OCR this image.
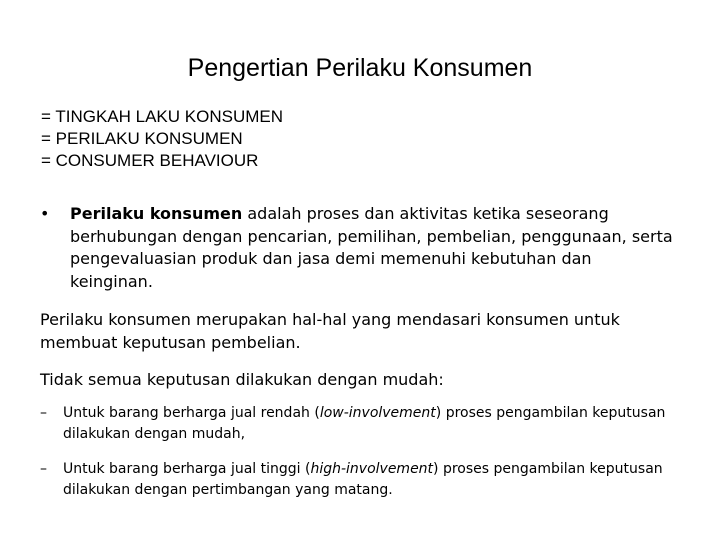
Pengertian Perilaku Konsumen
= TINGKAH LAKU KONSUMEN
= PERILAKU KONSUMEN
= CONSUMER BEHAVIOUR
• Perilaku konsumen adalah proses dan aktivitas ketika seseorang berhubungan dengan pencarian, pemilihan, pembelian, penggunaan, serta pengevaluasian produk dan jasa demi memenuhi kebutuhan dan keinginan.
Perilaku konsumen merupakan hal-hal yang mendasari konsumen untuk membuat keputusan pembelian.
Tidak semua keputusan dilakukan dengan mudah:
– Untuk barang berharga jual rendah (low-involvement) proses pengambilan keputusan dilakukan dengan mudah,
– Untuk barang berharga jual tinggi (high-involvement) proses pengambilan keputusan dilakukan dengan pertimbangan yang matang.
